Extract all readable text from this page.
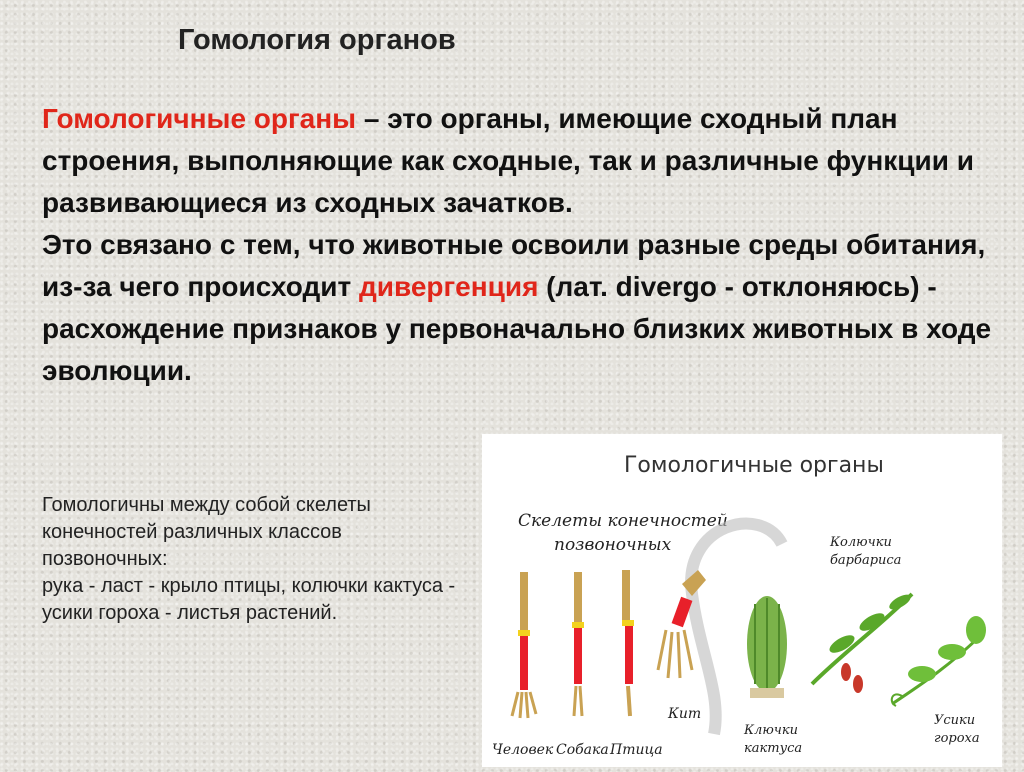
Гомология органов
Гомологичные органы – это органы, имеющие сходный план строения, выполняющие как сходные, так и различные функции и развивающиеся из сходных зачатков.
Это связано с тем, что животные освоили разные среды обитания, из-за чего происходит дивергенция (лат. divergo - отклоняюсь) - расхождение признаков у первоначально близких животных в ходе эволюции.
Гомологичны между собой скелеты конечностей различных классов позвоночных:
рука - ласт - крыло птицы, колючки кактуса - усики гороха - листья растений.
Гомологичные органы
Скелеты конечностей
позвоночных
Человек Собака Птица
Кит
Ключки
кактуса
Колючки
барбариса
Усики
гороха
